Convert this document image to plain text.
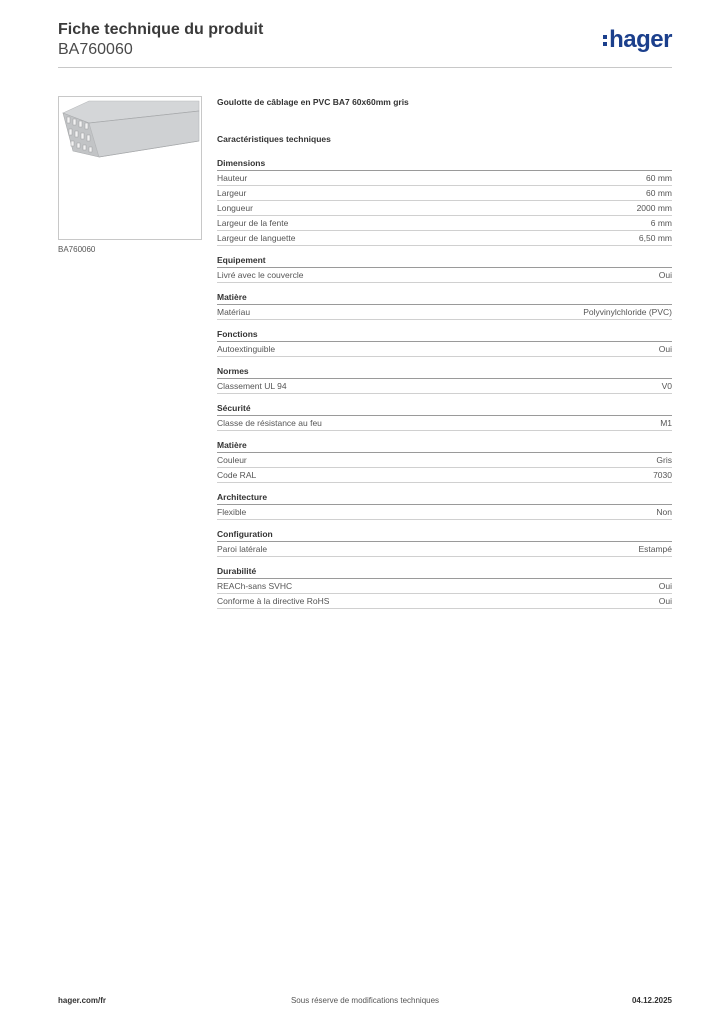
Fiche technique du produit
BA760060	hager
BA760060
Goulotte de câblage en PVC BA7 60x60mm gris
Caractéristiques techniques
Dimensions
Hauteur	60 mm
Largeur	60 mm
Longueur	2000 mm
Largeur de la fente	6 mm
Largeur de languette	6,50 mm
Equipement
Livré avec le couvercle	Oui
Matière
Matériau	Polyvinylchloride (PVC)
Fonctions
Autoextinguible	Oui
Normes
Classement UL 94	V0
Sécurité
Classe de résistance au feu	M1
Matière
Couleur	Gris
Code RAL	7030
Architecture
Flexible	Non
Configuration
Paroi latérale	Estampé
Durabilité
REACh-sans SVHC	Oui
Conforme à la directive RoHS	Oui
hager.com/fr	Sous réserve de modifications techniques	04.12.2025
